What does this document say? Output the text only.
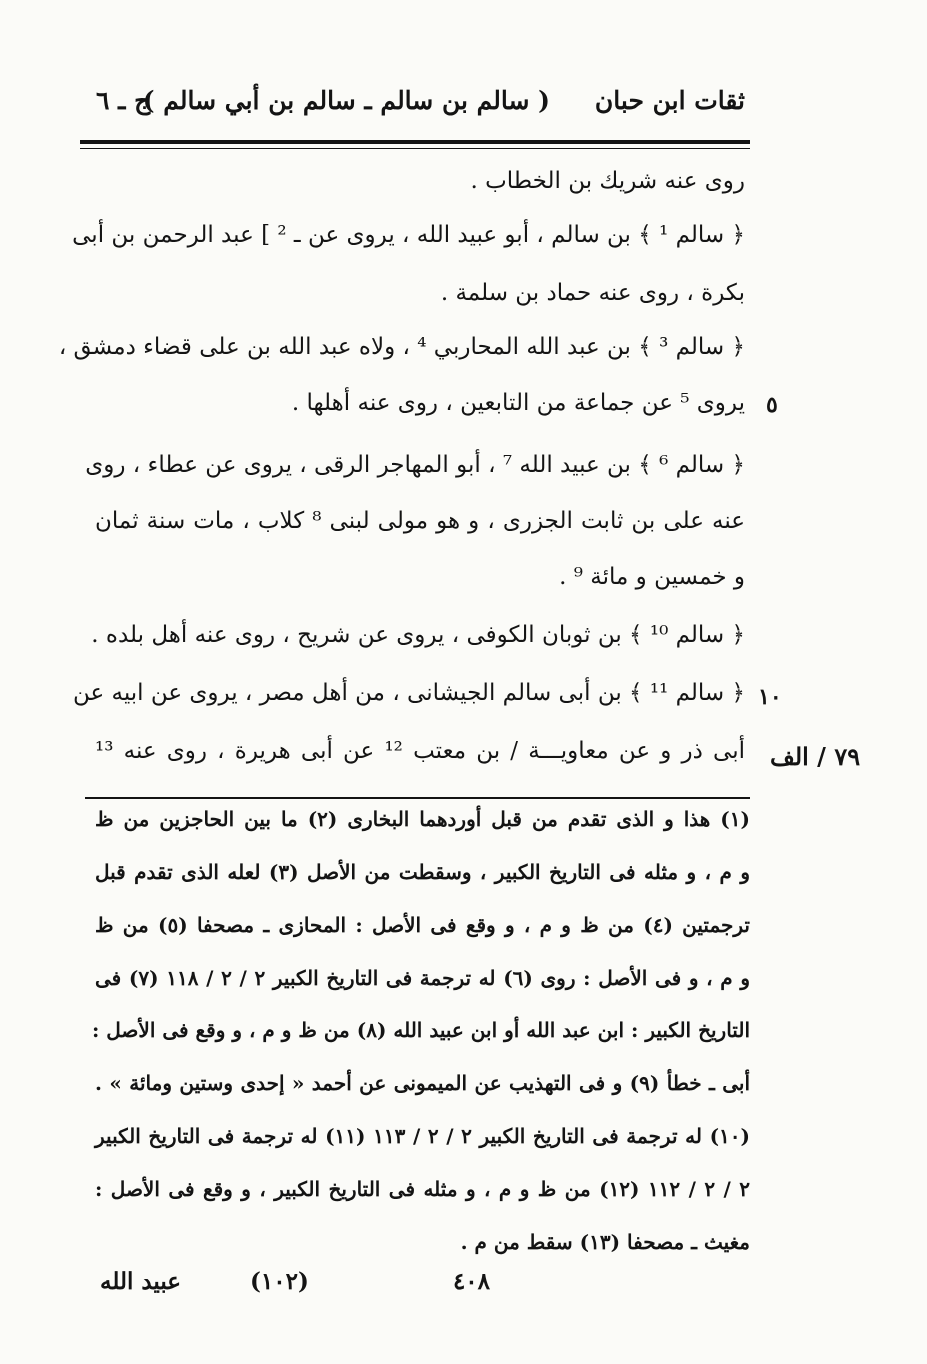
ثقات ابن حبان
( سالم بن سالم ـ سالم بن أبي سالم )
ج ـ ٦
روى عنه شريك بن الخطاب .
﴿ سالم ¹ ﴾ بن سالم ، أبو عبيد الله ، يروى عن ـ ² ] عبد الرحمن بن أبى
بكرة ، روى عنه حماد بن سلمة .
﴿ سالم ³ ﴾ بن عبد الله المحاربي ⁴ ، ولاه عبد الله بن على قضاء دمشق ،
يروى ⁵ عن جماعة من التابعين ، روى عنه أهلها .
﴿ سالم ⁶ ﴾ بن عبيد الله ⁷ ، أبو المهاجر الرقى ، يروى عن عطاء ، روى
عنه على بن ثابت الجزرى ، و هو مولى لبنى ⁸ كلاب ، مات سنة ثمان
و خمسين و مائة ⁹ .
﴿ سالم ¹⁰ ﴾ بن ثوبان الكوفى ، يروى عن شريح ، روى عنه أهل بلده .
﴿ سالم ¹¹ ﴾ بن أبى سالم الجيشانى ، من أهل مصر ، يروى عن ابيه عن
أبى ذر و عن معاويـــة / بن معتب ¹² عن أبى هريرة ، روى عنه ¹³
٥
١٠
٧٩ / الف
(١) هذا و الذى تقدم من قبل أوردهما البخارى (٢) ما بين الحاجزين من ظ
و م ، و مثله فى التاريخ الكبير ، وسقطت من الأصل (٣) لعله الذى تقدم قبل
ترجمتين (٤) من ظ و م ، و وقع فى الأصل : المحازى ـ مصحفا (٥) من ظ
و م ، و فى الأصل : روى (٦) له ترجمة فى التاريخ الكبير ٢ / ٢ / ١١٨ (٧) فى
التاريخ الكبير : ابن عبد الله أو ابن عبيد الله (٨) من ظ و م ، و وقع فى الأصل :
أبى ـ خطأ (٩) و فى التهذيب عن الميمونى عن أحمد « إحدى وستين ومائة » .
(١٠) له ترجمة فى التاريخ الكبير ٢ / ٢ / ١١٣ (١١) له ترجمة فى التاريخ الكبير
٢ / ٢ / ١١٢ (١٢) من ظ و م ، و مثله فى التاريخ الكبير ، و وقع فى الأصل :
مغيث ـ مصحفا (١٣) سقط من م .
٤٠٨
(١٠٢)
عبيد الله
